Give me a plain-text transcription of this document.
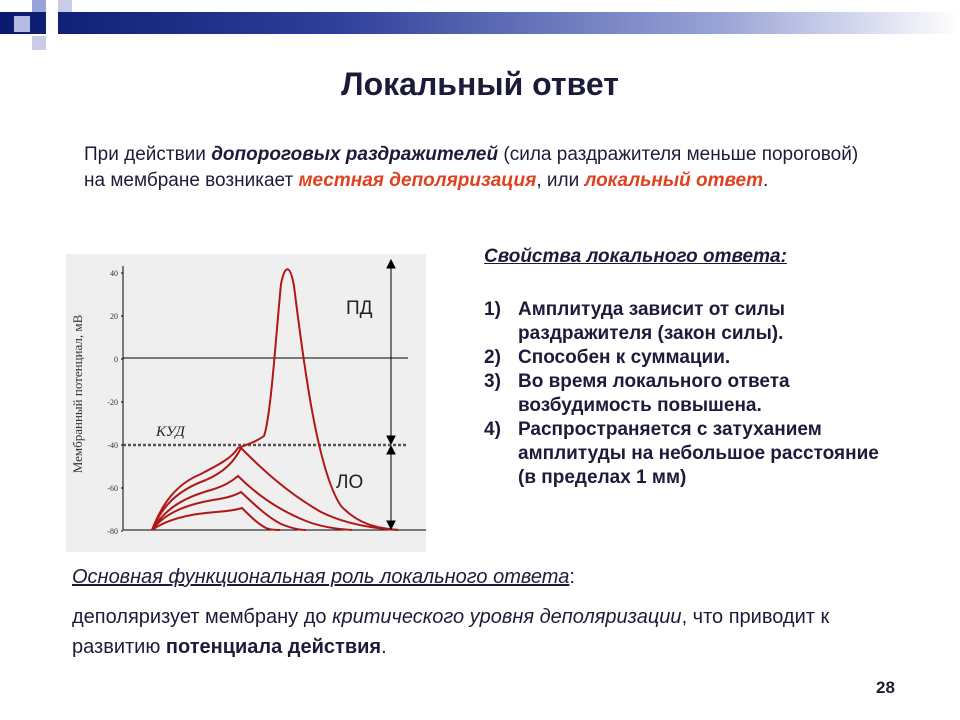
Локальный ответ
При действии допороговых раздражителей (сила раздражителя меньше пороговой) на мембране возникает местная деполяризация, или локальный ответ.
40
20
0
-20
-40
-60
-80
Мембранный потенциал, мВ	КУД
ПД
ЛО
Свойства локального ответа:
1) Амплитуда зависит от силы раздражителя (закон силы).
2) Способен к суммации.
3) Во время локального ответа возбудимость повышена.
4) Распространяется с затуханием амплитуды на небольшое расстояние (в пределах 1 мм)
Основная функциональная роль локального ответа:
деполяризует мембрану до критического уровня деполяризации, что приводит к развитию потенциала действия.
28
